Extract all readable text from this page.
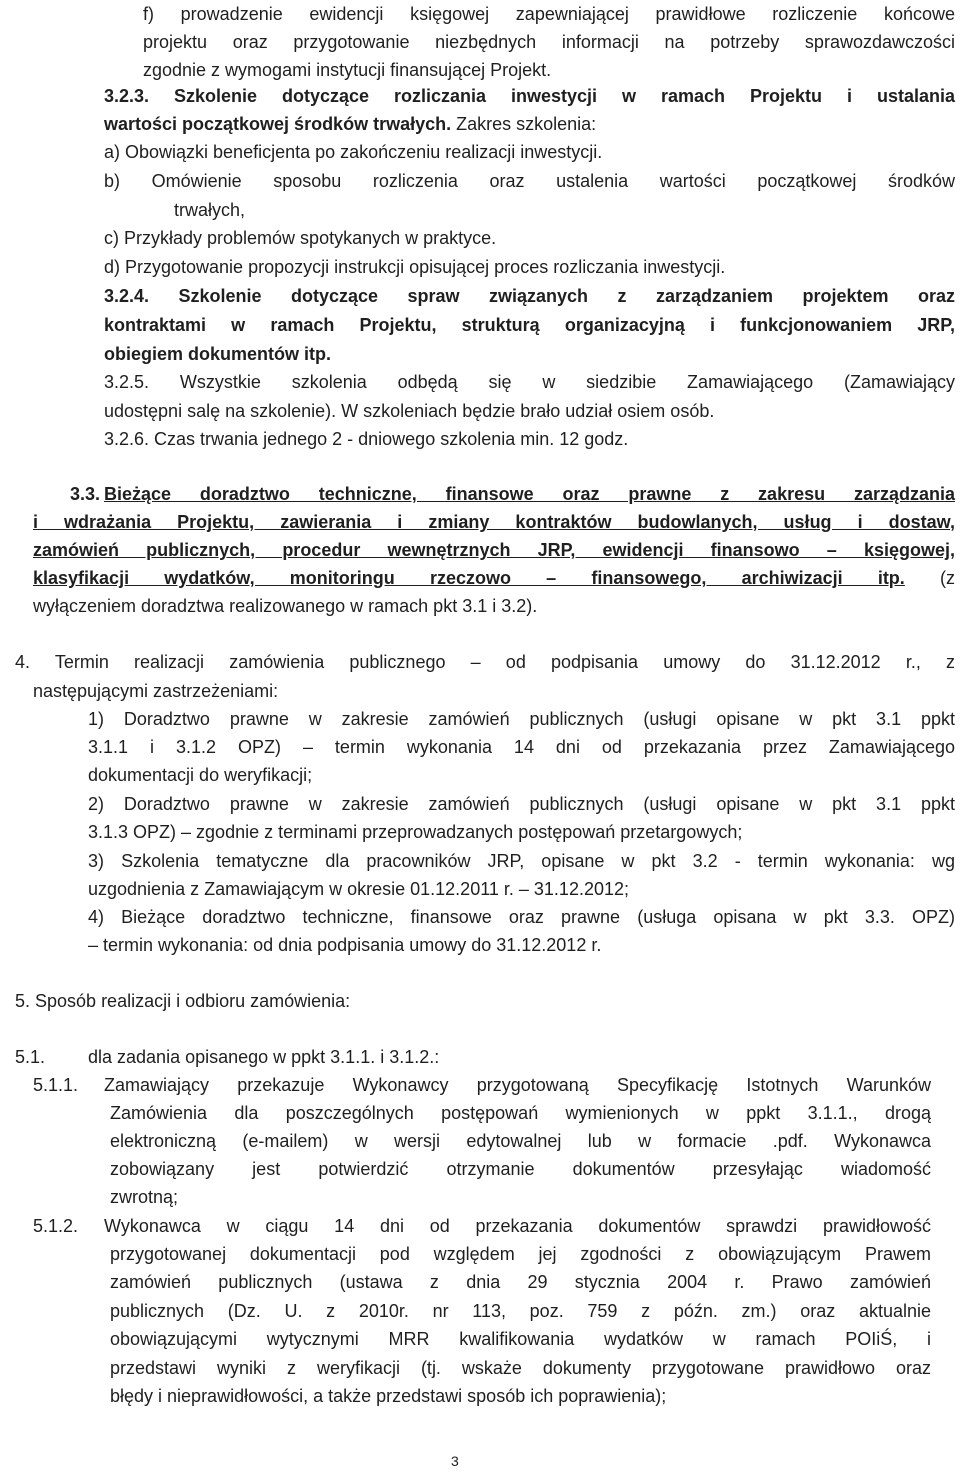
f) prowadzenie ewidencji księgowej zapewniającej prawidłowe rozliczenie końcowe

projektu oraz przygotowanie niezbędnych informacji na potrzeby sprawozdawczości

zgodnie z wymogami instytucji finansującej Projekt.

3.2.3. Szkolenie dotyczące rozliczania inwestycji w ramach Projektu i ustalania

wartości początkowej środków trwałych. Zakres szkolenia:

a) Obowiązki beneficjenta po zakończeniu realizacji inwestycji.

b) Omówienie sposobu rozliczenia oraz ustalenia wartości początkowej środków

trwałych,

c) Przykłady problemów spotykanych w praktyce.

d) Przygotowanie propozycji instrukcji opisującej proces rozliczania inwestycji.

3.2.4. Szkolenie dotyczące spraw związanych z zarządzaniem projektem oraz

kontraktami w ramach Projektu, strukturą organizacyjną i funkcjonowaniem JRP,

obiegiem dokumentów itp.

3.2.5. Wszystkie szkolenia odbędą się w siedzibie Zamawiającego (Zamawiający

udostępni salę na szkolenie). W szkoleniach będzie brało udział osiem osób.

3.2.6. Czas trwania jednego 2 - dniowego szkolenia min. 12 godz.

3.3. Bieżące doradztwo techniczne, finansowe oraz prawne z zakresu zarządzania

i wdrażania Projektu, zawierania i zmiany kontraktów budowlanych, usług i dostaw,

zamówień publicznych, procedur wewnętrznych JRP, ewidencji finansowo – księgowej,

klasyfikacji wydatków, monitoringu rzeczowo – finansowego, archiwizacji itp. (z

wyłączeniem doradztwa realizowanego w ramach pkt 3.1 i 3.2).

4. Termin realizacji zamówienia publicznego – od podpisania umowy do 31.12.2012 r., z

następującymi zastrzeżeniami:

1) Doradztwo prawne w zakresie zamówień publicznych (usługi opisane w pkt 3.1 ppkt

3.1.1 i 3.1.2 OPZ) – termin wykonania 14 dni od przekazania przez Zamawiającego

dokumentacji do weryfikacji;

2) Doradztwo prawne w zakresie zamówień publicznych (usługi opisane w pkt 3.1 ppkt

3.1.3 OPZ) – zgodnie z terminami przeprowadzanych postępowań przetargowych;

3) Szkolenia tematyczne dla pracowników JRP, opisane w pkt 3.2 - termin wykonania: wg

uzgodnienia z Zamawiającym w okresie 01.12.2011 r. – 31.12.2012;

4) Bieżące doradztwo techniczne, finansowe oraz prawne (usługa opisana w pkt 3.3. OPZ)

– termin wykonania: od dnia podpisania umowy do 31.12.2012 r.

5. Sposób realizacji i odbioru zamówienia:

5.1. dla zadania opisanego w ppkt 3.1.1. i 3.1.2.:

5.1.1. Zamawiający przekazuje Wykonawcy przygotowaną Specyfikację Istotnych Warunków

Zamówienia dla poszczególnych postępowań wymienionych w ppkt 3.1.1., drogą

elektroniczną (e-mailem) w wersji edytowalnej lub w formacie .pdf. Wykonawca

zobowiązany jest potwierdzić otrzymanie dokumentów przesyłając wiadomość

zwrotną;

5.1.2. Wykonawca w ciągu 14 dni od przekazania dokumentów sprawdzi prawidłowość

przygotowanej dokumentacji pod względem jej zgodności z obowiązującym Prawem

zamówień publicznych (ustawa z dnia 29 stycznia 2004 r. Prawo zamówień

publicznych (Dz. U. z 2010r. nr 113, poz. 759 z późn. zm.) oraz aktualnie

obowiązującymi wytycznymi MRR kwalifikowania wydatków w ramach POIiŚ, i

przedstawi wyniki z weryfikacji (tj. wskaże dokumenty przygotowane prawidłowo oraz

błędy i nieprawidłowości, a także przedstawi sposób ich poprawienia);

3
